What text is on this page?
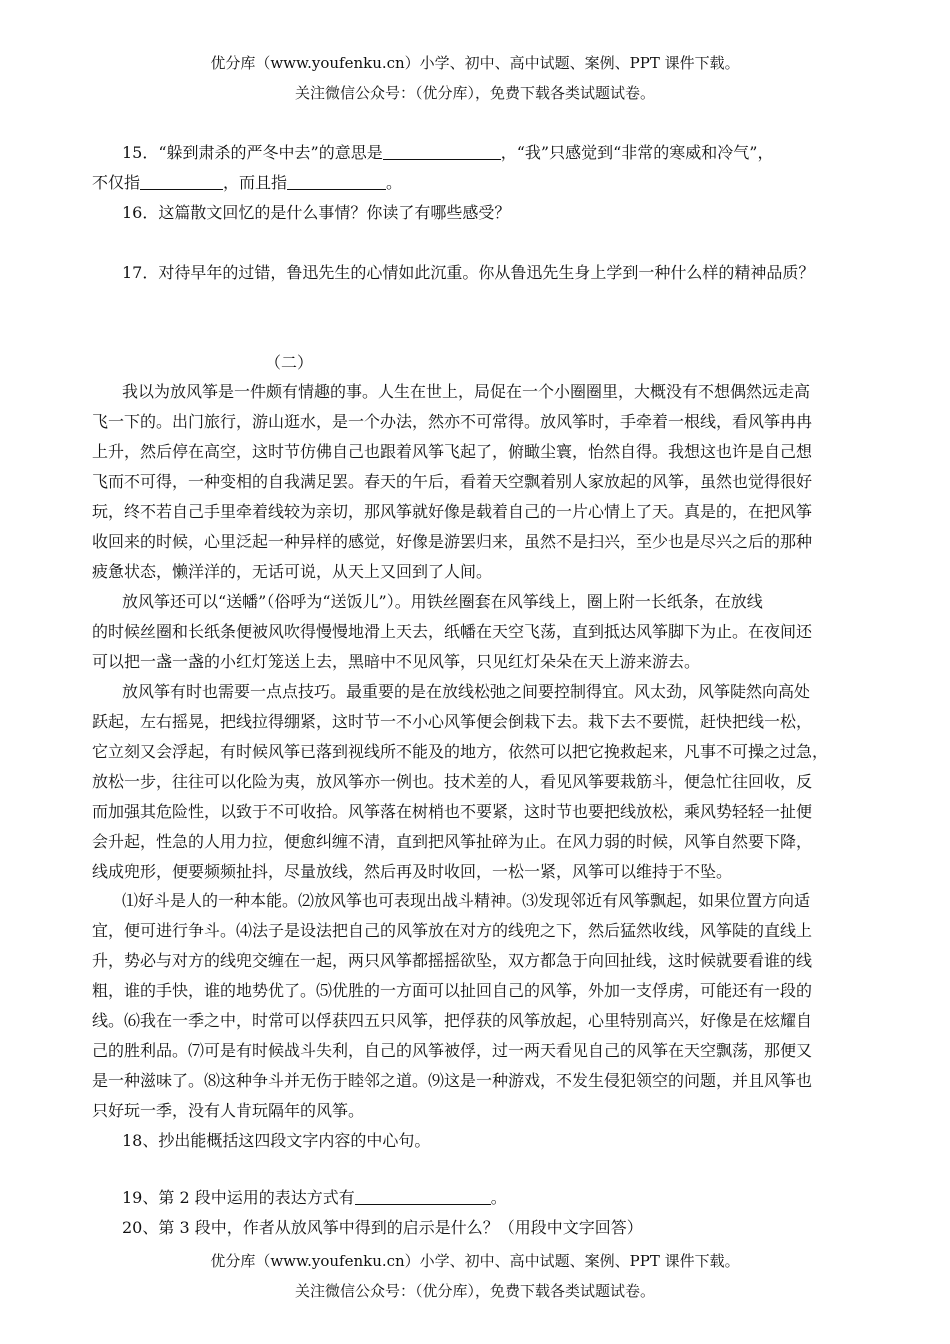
优分库（www.youfenku.cn）小学、初中、高中试题、案例、PPT 课件下载。
关注微信公众号：（优分库），免费下载各类试题试卷。
15．“躲到肃杀的严冬中去”的意思是	，“我”只感觉到“非常的寒威和冷气”，
不仅指	，而且指	。
16．这篇散文回忆的是什么事情？你读了有哪些感受？
17．对待早年的过错，鲁迅先生的心情如此沉重。你从鲁迅先生身上学到一种什么样的精神品质？
（二）
我以为放风筝是一件颇有情趣的事。人生在世上，局促在一个小圈圈里，大概没有不想偶然远走高
飞一下的。出门旅行，游山逛水，是一个办法，然亦不可常得。放风筝时，手牵着一根线，看风筝冉冉
上升，然后停在高空，这时节仿佛自己也跟着风筝飞起了，俯瞰尘寰，怡然自得。我想这也许是自己想
飞而不可得，一种变相的自我满足罢。春天的午后，看着天空飘着别人家放起的风筝，虽然也觉得很好
玩，终不若自己手里牵着线较为亲切，那风筝就好像是载着自己的一片心情上了天。真是的，在把风筝
收回来的时候，心里泛起一种异样的感觉，好像是游罢归来，虽然不是扫兴，至少也是尽兴之后的那种
疲惫状态，懒洋洋的，无话可说，从天上又回到了人间。
放风筝还可以“送幡”（俗呼为“送饭儿”）。用铁丝圈套在风筝线上，圈上附一长纸条，在放线
的时候丝圈和长纸条便被风吹得慢慢地滑上天去，纸幡在天空飞荡，直到抵达风筝脚下为止。在夜间还
可以把一盏一盏的小红灯笼送上去，黑暗中不见风筝，只见红灯朵朵在天上游来游去。
放风筝有时也需要一点点技巧。最重要的是在放线松弛之间要控制得宜。风太劲，风筝陡然向高处
跃起，左右摇晃，把线拉得绷紧，这时节一不小心风筝便会倒栽下去。栽下去不要慌，赶快把线一松，
它立刻又会浮起，有时候风筝已落到视线所不能及的地方，依然可以把它挽救起来，凡事不可操之过急，
放松一步，往往可以化险为夷，放风筝亦一例也。技术差的人，看见风筝要栽筋斗，便急忙往回收，反
而加强其危险性，以致于不可收拾。风筝落在树梢也不要紧，这时节也要把线放松，乘风势轻轻一扯便
会升起，性急的人用力拉，便愈纠缠不清，直到把风筝扯碎为止。在风力弱的时候，风筝自然要下降，
线成兜形，便要频频扯抖，尽量放线，然后再及时收回，一松一紧，风筝可以维持于不坠。
⑴好斗是人的一种本能。⑵放风筝也可表现出战斗精神。⑶发现邻近有风筝飘起，如果位置方向适
宜，便可进行争斗。⑷法子是设法把自己的风筝放在对方的线兜之下，然后猛然收线，风筝陡的直线上
升，势必与对方的线兜交缠在一起，两只风筝都摇摇欲坠，双方都急于向回扯线，这时候就要看谁的线
粗，谁的手快，谁的地势优了。⑸优胜的一方面可以扯回自己的风筝，外加一支俘虏，可能还有一段的
线。⑹我在一季之中，时常可以俘获四五只风筝，把俘获的风筝放起，心里特别高兴，好像是在炫耀自
己的胜利品。⑺可是有时候战斗失利，自己的风筝被俘，过一两天看见自己的风筝在天空飘荡，那便又
是一种滋味了。⑻这种争斗并无伤于睦邻之道。⑼这是一种游戏，不发生侵犯领空的问题，并且风筝也
只好玩一季，没有人肯玩隔年的风筝。
18、抄出能概括这四段文字内容的中心句。
19、第 2 段中运用的表达方式有	。
20、第 3 段中，作者从放风筝中得到的启示是什么？（用段中文字回答）
优分库（www.youfenku.cn）小学、初中、高中试题、案例、PPT 课件下载。
关注微信公众号：（优分库），免费下载各类试题试卷。
